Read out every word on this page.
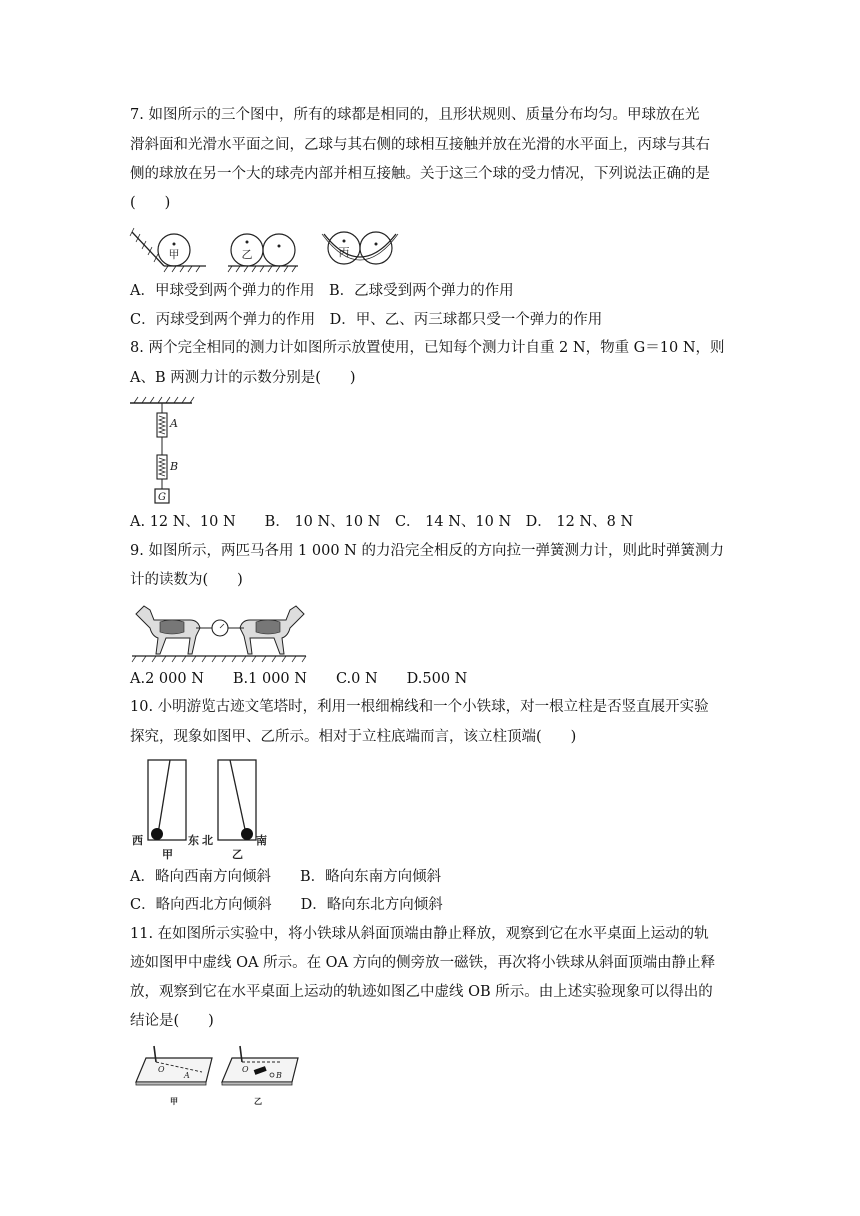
7. 如图所示的三个图中，所有的球都是相同的，且形状规则、质量分布均匀。甲球放在光
滑斜面和光滑水平面之间，乙球与其右侧的球相互接触并放在光滑的水平面上，丙球与其右
侧的球放在另一个大的球壳内部并相互接触。关于这三个球的受力情况，下列说法正确的是
(　　)
甲	乙	丙
A．甲球受到两个弹力的作用　B．乙球受到两个弹力的作用
C．丙球受到两个弹力的作用　D．甲、乙、丙三球都只受一个弹力的作用
8. 两个完全相同的测力计如图所示放置使用，已知每个测力计自重 2 N，物重 G＝10 N，则
A、B 两测力计的示数分别是(　　)
A
B
G
A. 12 N、10 N　　B． 10 N、10 N　C． 14 N、10 N　D． 12 N、8 N
9. 如图所示，两匹马各用 1 000 N 的力沿完全相反的方向拉一弹簧测力计，则此时弹簧测力
计的读数为(　　)
A.2 000 N　　B.1 000 N　　C.0 N　　D.500 N
10. 小明游览古迹文笔塔时，利用一根细棉线和一个小铁球，对一根立柱是否竖直展开实验
探究，现象如图甲、乙所示。相对于立柱底端而言，该立柱顶端(　　)
西	东
甲
北	南
乙
A．略向西南方向倾斜　　B．略向东南方向倾斜
C．略向西北方向倾斜　　D．略向东北方向倾斜
11. 在如图所示实验中，将小铁球从斜面顶端由静止释放，观察到它在水平桌面上运动的轨
迹如图甲中虚线 OA 所示。在 OA 方向的侧旁放一磁铁，再次将小铁球从斜面顶端由静止释
放，观察到它在水平桌面上运动的轨迹如图乙中虚线 OB 所示。由上述实验现象可以得出的
结论是(　　)
O
A
甲
O
B
乙
